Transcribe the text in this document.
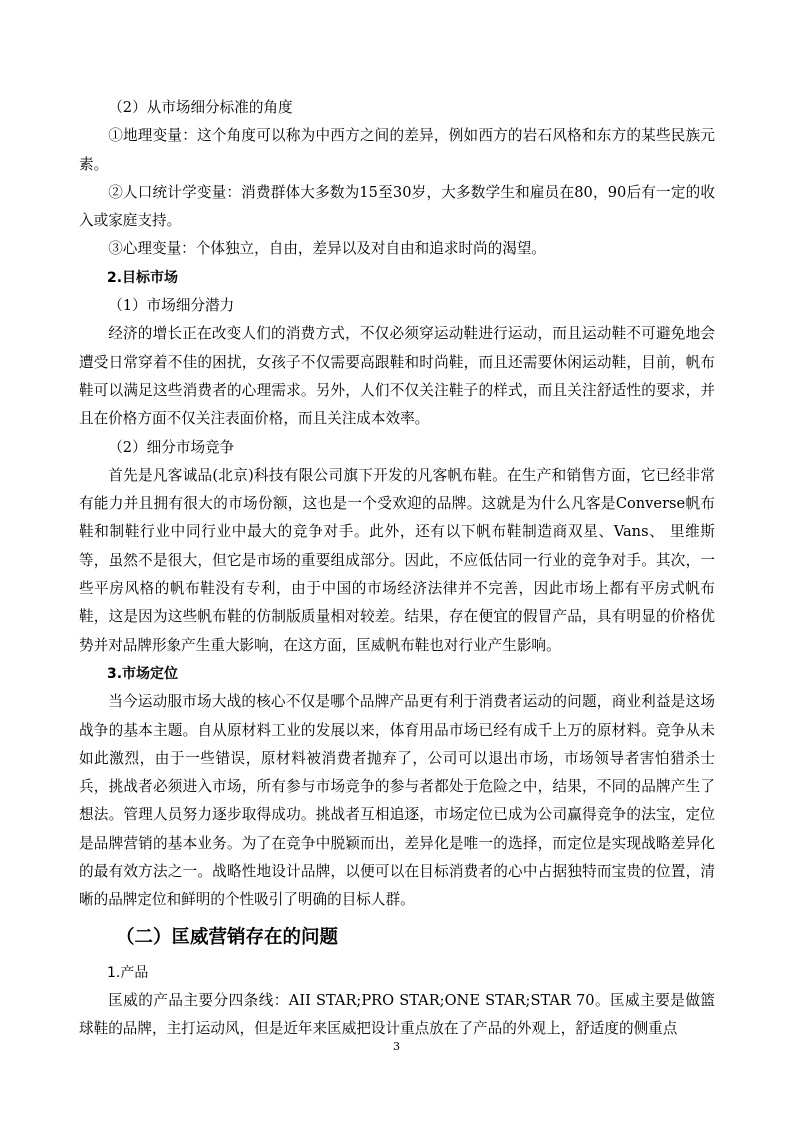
（2）从市场细分标准的角度

①地理变量：这个角度可以称为中西方之间的差异，例如西方的岩石风格和东方的某些民族元素。

②人口统计学变量：消费群体大多数为15至30岁，大多数学生和雇员在80，90后有一定的收入或家庭支持。

③心理变量：个体独立，自由，差异以及对自由和追求时尚的渴望。

2.目标市场

（1）市场细分潜力

经济的增长正在改变人们的消费方式，不仅必须穿运动鞋进行运动，而且运动鞋不可避免地会遭受日常穿着不佳的困扰，女孩子不仅需要高跟鞋和时尚鞋，而且还需要休闲运动鞋，目前，帆布鞋可以满足这些消费者的心理需求。另外，人们不仅关注鞋子的样式，而且关注舒适性的要求，并且在价格方面不仅关注表面价格，而且关注成本效率。

（2）细分市场竞争

首先是凡客诚品(北京)科技有限公司旗下开发的凡客帆布鞋。在生产和销售方面，它已经非常有能力并且拥有很大的市场份额，这也是一个受欢迎的品牌。这就是为什么凡客是Converse帆布鞋和制鞋行业中同行业中最大的竞争对手。此外，还有以下帆布鞋制造商双星、Vans、 里维斯等，虽然不是很大，但它是市场的重要组成部分。因此，不应低估同一行业的竞争对手。其次，一些平房风格的帆布鞋没有专利，由于中国的市场经济法律并不完善，因此市场上都有平房式帆布鞋，这是因为这些帆布鞋的仿制版质量相对较差。结果，存在便宜的假冒产品，具有明显的价格优势并对品牌形象产生重大影响，在这方面，匡威帆布鞋也对行业产生影响。

3.市场定位

当今运动服市场大战的核心不仅是哪个品牌产品更有利于消费者运动的问题，商业利益是这场战争的基本主题。自从原材料工业的发展以来，体育用品市场已经有成千上万的原材料。竞争从未如此激烈，由于一些错误，原材料被消费者抛弃了，公司可以退出市场，市场领导者害怕猎杀士兵，挑战者必须进入市场，所有参与市场竞争的参与者都处于危险之中，结果，不同的品牌产生了想法。管理人员努力逐步取得成功。挑战者互相追逐，市场定位已成为公司赢得竞争的法宝，定位是品牌营销的基本业务。为了在竞争中脱颖而出，差异化是唯一的选择，而定位是实现战略差异化的最有效方法之一。战略性地设计品牌，以便可以在目标消费者的心中占据独特而宝贵的位置，清晰的品牌定位和鲜明的个性吸引了明确的目标人群。

（二）匡威营销存在的问题

1.产品

匡威的产品主要分四条线：AII STAR;PRO STAR;ONE STAR;STAR 70。匡威主要是做篮球鞋的品牌，主打运动风，但是近年来匡威把设计重点放在了产品的外观上，舒适度的侧重点

3
